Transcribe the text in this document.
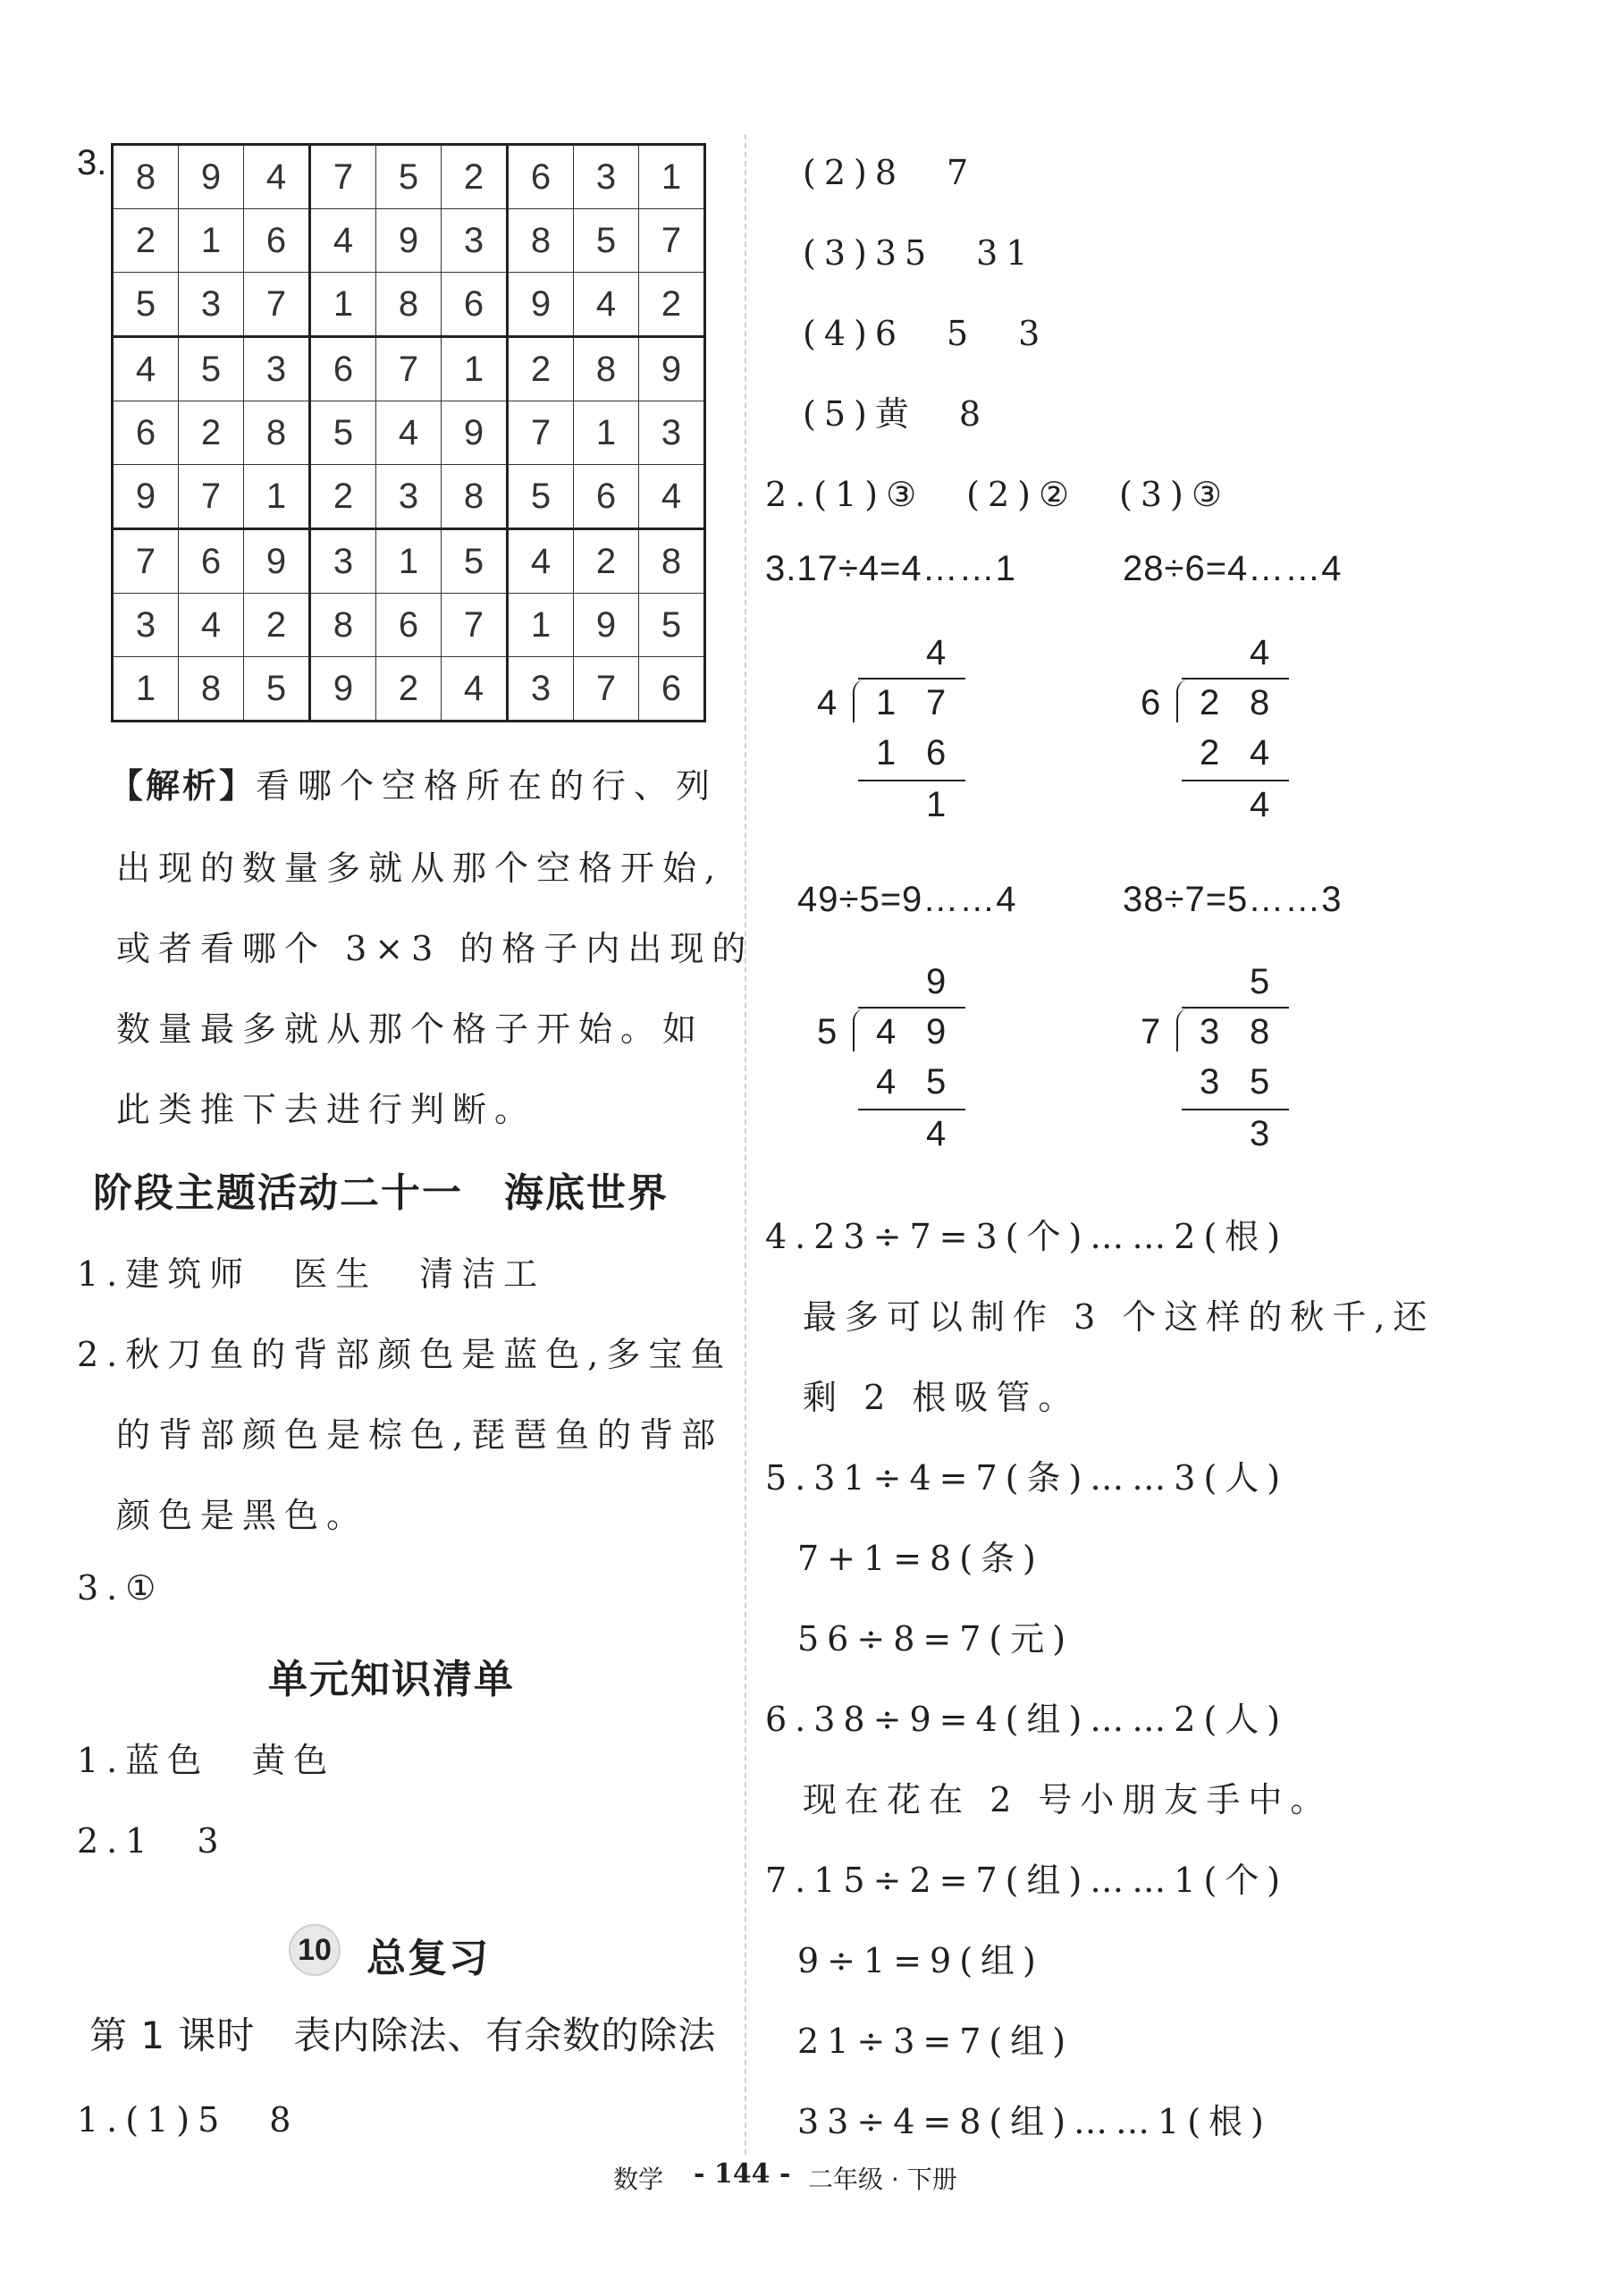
3. 8	9	4	7	5	2	6	3	1
2	1	6	4	9	3	8	5	7
5	3	7	1	8	6	9	4	2
4	5	3	6	7	1	2	8	9
6	2	8	5	4	9	7	1	3
9	7	1	2	3	8	5	6	4
7	6	9	3	1	5	4	2	8
3	4	2	8	6	7	1	9	5
1	8	5	9	2	4	3	7	6
【解析】看哪个空格所在的行、列
出现的数量多就从那个空格开始,
或者看哪个 3×3 的格子内出现的
数量最多就从那个格子开始。如
此类推下去进行判断。
阶段主题活动二十一　海底世界
1.建筑师　医生　清洁工
2.秋刀鱼的背部颜色是蓝色,多宝鱼
的背部颜色是棕色,琵琶鱼的背部
颜色是黑色。
3.①
单元知识清单
1.蓝色　黄色
2.1　3
10 总复习
第 1 课时　表内除法、有余数的除法
1.(1)5　8
(2)8　7
(3)35　31
(4)6　5　3
(5)黄　8
2.(1)③　(2)②　(3)③
3.17÷4=4……1	28÷6=4……4
4
4 1 7
1 6
1
4
6 2 8
2 4
4
49÷5=9……4	38÷7=5……3
9
5 4 9
4 5
4
5
7 3 8
3 5
3
4.23÷7=3(个)……2(根)
最多可以制作 3 个这样的秋千,还
剩 2 根吸管。
5.31÷4=7(条)……3(人)
7+1=8(条)
56÷8=7(元)
6.38÷9=4(组)……2(人)
现在花在 2 号小朋友手中。
7.15÷2=7(组)……1(个)
9÷1=9(组)
21÷3=7(组)
33÷4=8(组)……1(根)
数学 - 144 - 二年级 · 下册
